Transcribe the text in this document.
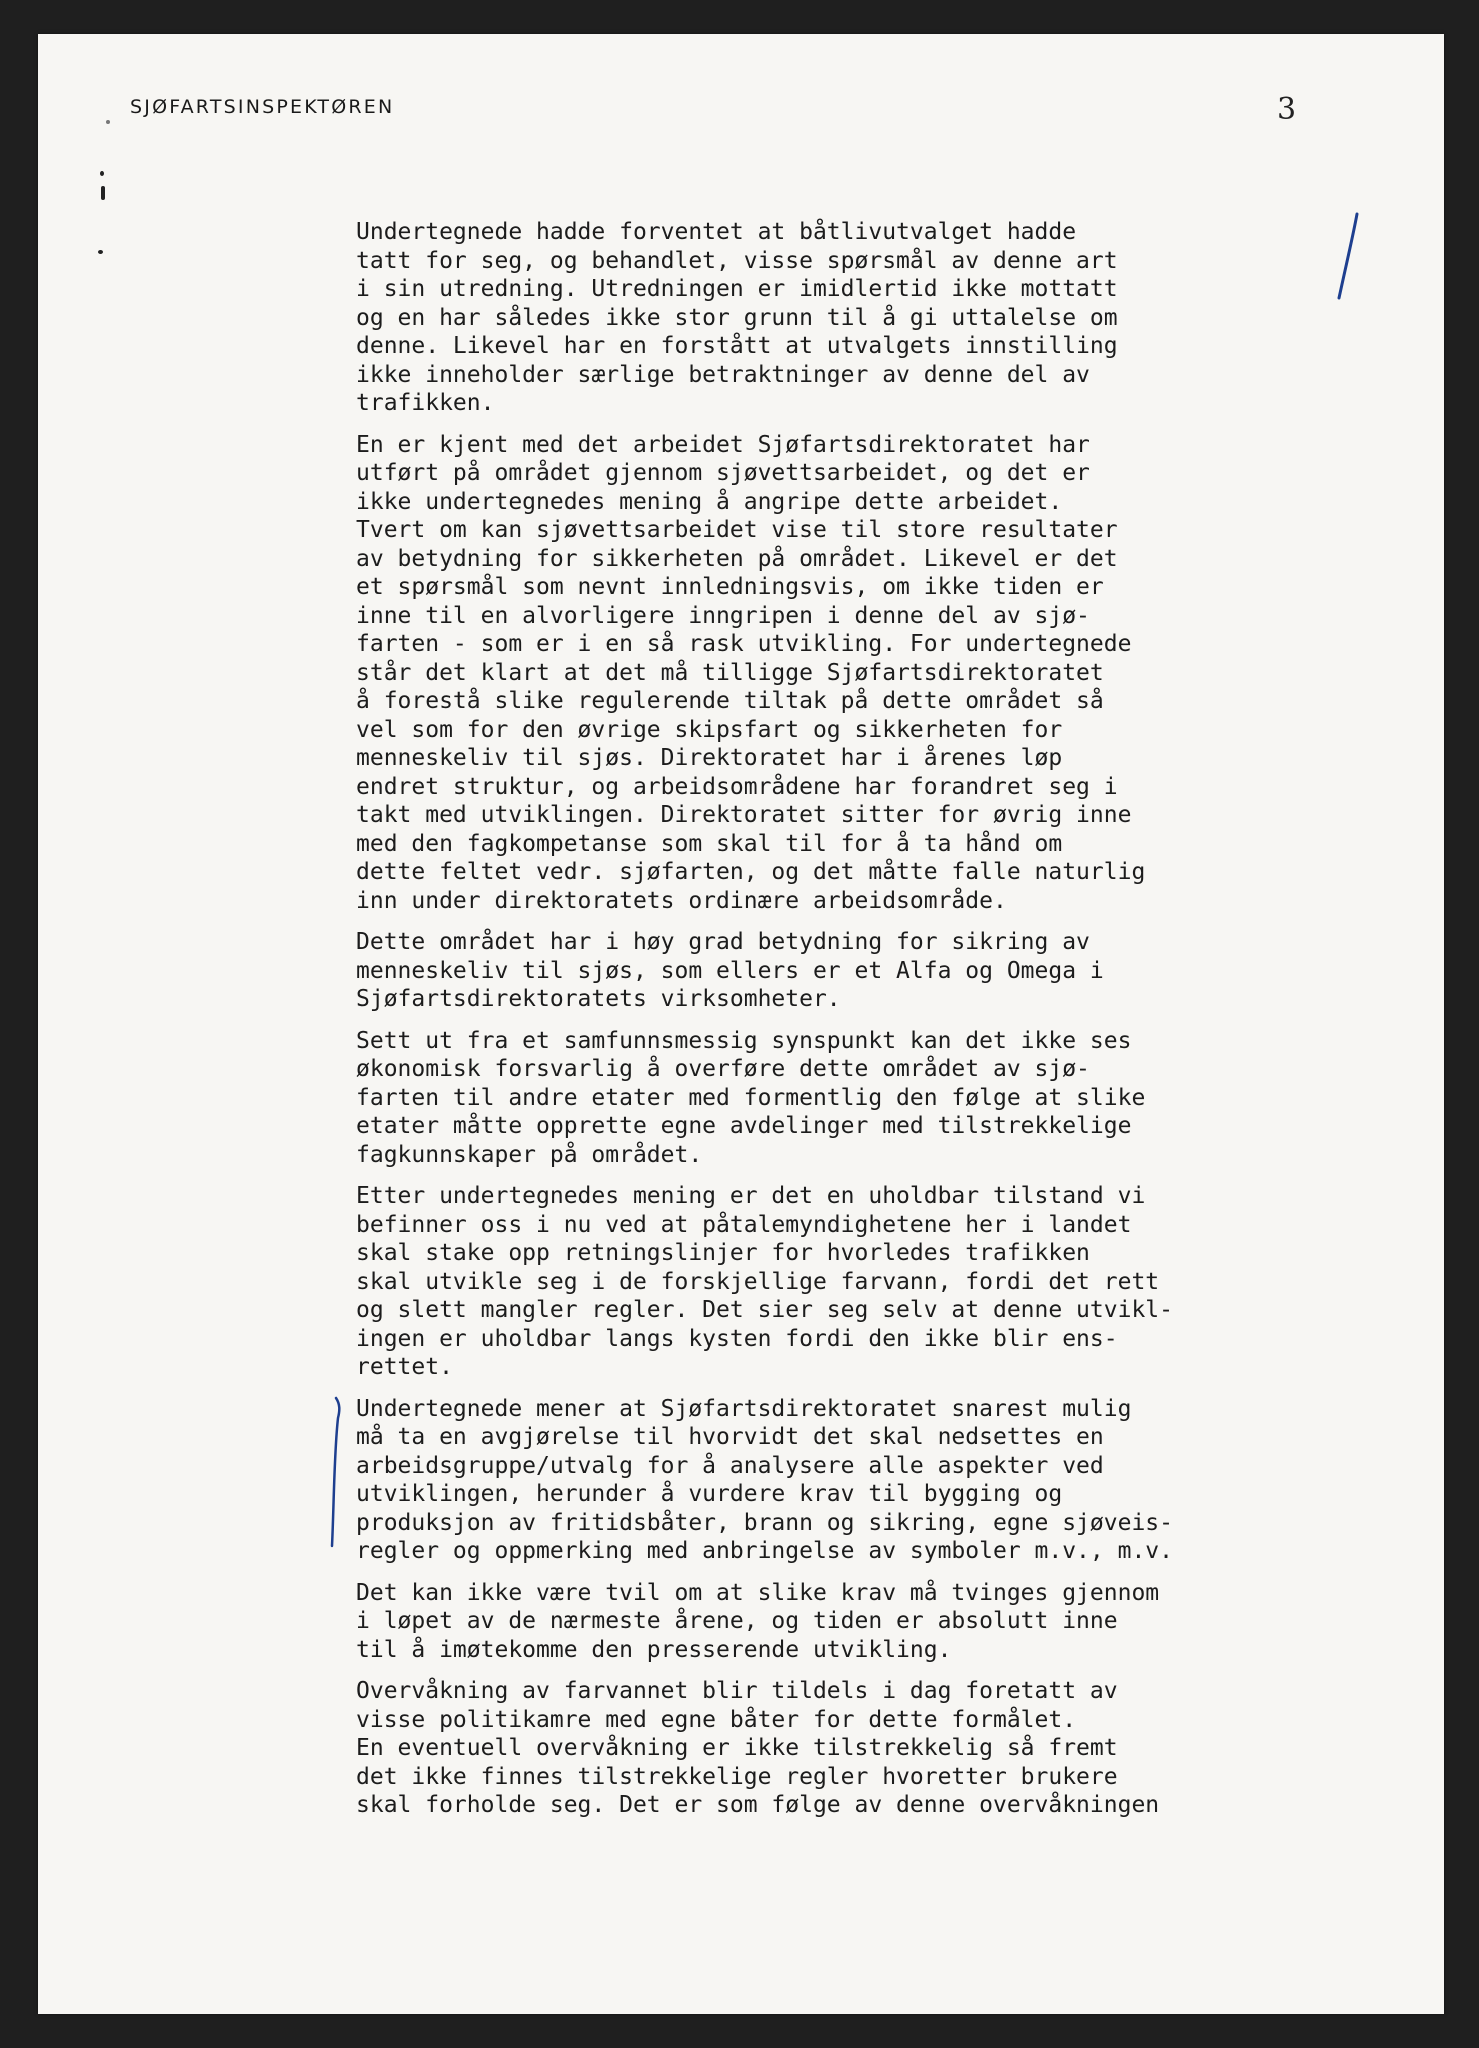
SJØFARTSINSPEKTØREN	3
Undertegnede hadde forventet at båtlivutvalget hadde
tatt for seg, og behandlet, visse spørsmål av denne art
i sin utredning. Utredningen er imidlertid ikke mottatt
og en har således ikke stor grunn til å gi uttalelse om
denne. Likevel har en forstått at utvalgets innstilling
ikke inneholder særlige betraktninger av denne del av
trafikken.
En er kjent med det arbeidet Sjøfartsdirektoratet har
utført på området gjennom sjøvettsarbeidet, og det er
ikke undertegnedes mening å angripe dette arbeidet.
Tvert om kan sjøvettsarbeidet vise til store resultater
av betydning for sikkerheten på området. Likevel er det
et spørsmål som nevnt innledningsvis, om ikke tiden er
inne til en alvorligere inngripen i denne del av sjø-
farten - som er i en så rask utvikling. For undertegnede
står det klart at det må tilligge Sjøfartsdirektoratet
å forestå slike regulerende tiltak på dette området så
vel som for den øvrige skipsfart og sikkerheten for
menneskeliv til sjøs. Direktoratet har i årenes løp
endret struktur, og arbeidsområdene har forandret seg i
takt med utviklingen. Direktoratet sitter for øvrig inne
med den fagkompetanse som skal til for å ta hånd om
dette feltet vedr. sjøfarten, og det måtte falle naturlig
inn under direktoratets ordinære arbeidsområde.
Dette området har i høy grad betydning for sikring av
menneskeliv til sjøs, som ellers er et Alfa og Omega i
Sjøfartsdirektoratets virksomheter.
Sett ut fra et samfunnsmessig synspunkt kan det ikke ses
økonomisk forsvarlig å overføre dette området av sjø-
farten til andre etater med formentlig den følge at slike
etater måtte opprette egne avdelinger med tilstrekkelige
fagkunnskaper på området.
Etter undertegnedes mening er det en uholdbar tilstand vi
befinner oss i nu ved at påtalemyndighetene her i landet
skal stake opp retningslinjer for hvorledes trafikken
skal utvikle seg i de forskjellige farvann, fordi det rett
og slett mangler regler. Det sier seg selv at denne utvikl-
ingen er uholdbar langs kysten fordi den ikke blir ens-
rettet.
Undertegnede mener at Sjøfartsdirektoratet snarest mulig
må ta en avgjørelse til hvorvidt det skal nedsettes en
arbeidsgruppe/utvalg for å analysere alle aspekter ved
utviklingen, herunder å vurdere krav til bygging og
produksjon av fritidsbåter, brann og sikring, egne sjøveis-
regler og oppmerking med anbringelse av symboler m.v., m.v.
Det kan ikke være tvil om at slike krav må tvinges gjennom
i løpet av de nærmeste årene, og tiden er absolutt inne
til å imøtekomme den presserende utvikling.
Overvåkning av farvannet blir tildels i dag foretatt av
visse politikamre med egne båter for dette formålet.
En eventuell overvåkning er ikke tilstrekkelig så fremt
det ikke finnes tilstrekkelige regler hvoretter brukere
skal forholde seg. Det er som følge av denne overvåkningen
